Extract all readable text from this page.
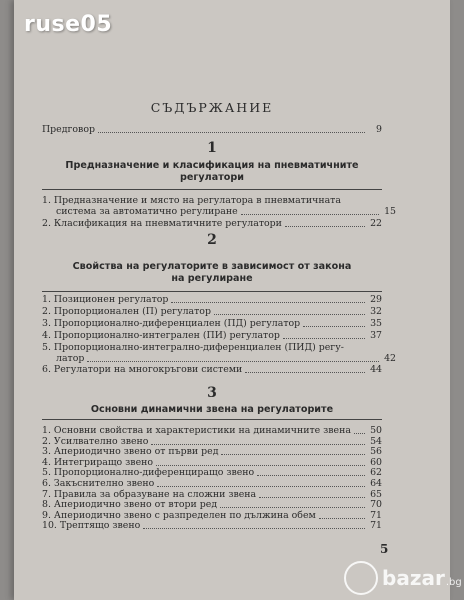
ruse05
СЪДЪРЖАНИЕ
Предговор	9
1
Предназначение и класификация на пневматичните
регулатори
1. Предназначение и място на регулатора в пневматичната
система за автоматично регулиране	15
2. Класификация на пневматичните регулатори	22
2
Свойства на регулаторите в зависимост от закона
на регулиране
1. Позиционен регулатор	29
2. Пропорционален (П) регулатор	32
3. Пропорционално-диференциален (ПД) регулатор	35
4. Пропорционално-интегрален (ПИ) регулатор	37
5. Пропорционално-интегрално-диференциален (ПИД) регу-
латор	42
6. Регулатори на многокръгови системи	44
3
Основни динамични звена на регулаторите
1. Основни свойства и характеристики на динамичните звена 50
2. Усилвателно звено	54
3. Апериодично звено от първи ред	56
4. Интегриращо звено	60
5. Пропорционално-диференциращо звено	62
6. Закъснително звено	64
7. Правила за образуване на сложни звена	65
8. Апериодично звено от втори ред	70
9. Апериодично звено с разпределен по дължина обем	71
10. Трептящо звено	71
5
bazar .bg
